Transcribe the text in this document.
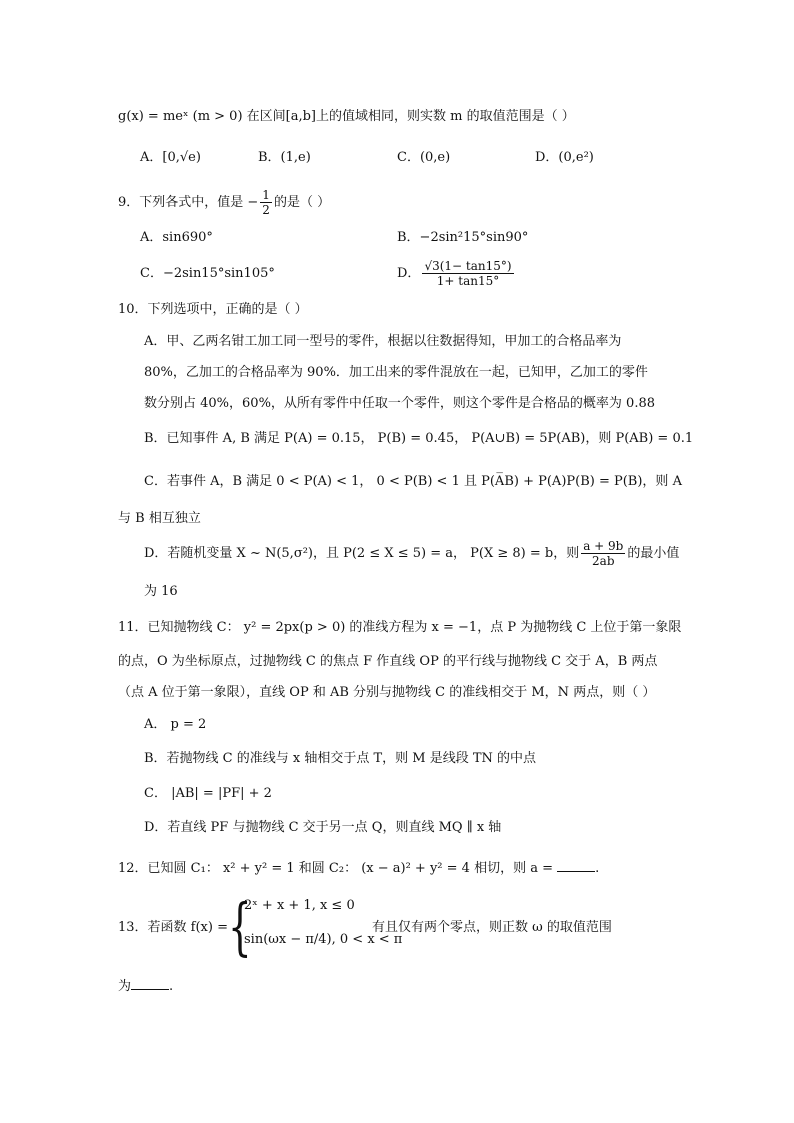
g(x) = meˣ (m > 0) 在区间[a,b]上的值域相同，则实数 m 的取值范围是（ ）
A．[0,√e)	B．(1,e)	C．(0,e)	D．(0,e²)
9．下列各式中，值是 − $\frac{1}{2}$ 的是（ ）
A．sin690°	B．−2sin²15°sin90°
C．−2sin15°sin105°	D． $\frac{√3(1- \tan 15^\circ)}{1+ \tan 15^\circ}$
10．下列选项中，正确的是（ ）
A．甲、乙两名钳工加工同一型号的零件，根据以往数据得知，甲加工的合格品率为
80%，乙加工的合格品率为 90%．加工出来的零件混放在一起，已知甲，乙加工的零件
数分别占 40%，60%，从所有零件中任取一个零件，则这个零件是合格品的概率为 0.88
B．已知事件 A, B 满足 P(A) = 0.15， P(B) = 0.45， P(A∪B) = 5P(AB)，则 P(AB) = 0.1
C．若事件 A，B 满足 0 < P(A) < 1， 0 < P(B) < 1 且 P(A̅B) + P(A)P(B) = P(B)，则 A
与 B 相互独立
D．若随机变量 X ~ N(5,σ²)，且 P(2 ≤ X ≤ 5) = a， P(X ≥ 8) = b，则 $\frac{a + 9b}{2ab}$ 的最小值
为 16
11．已知抛物线 C： y² = 2px(p > 0) 的准线方程为 x = −1，点 P 为抛物线 C 上位于第一象限
的点，O 为坐标原点，过抛物线 C 的焦点 F 作直线 OP 的平行线与抛物线 C 交于 A，B 两点
（点 A 位于第一象限），直线 OP 和 AB 分别与抛物线 C 的准线相交于 M，N 两点，则（ ）
A． p = 2
B．若抛物线 C 的准线与 x 轴相交于点 T，则 M 是线段 TN 的中点
C． |AB| = |PF| + 2
D．若直线 PF 与抛物线 C 交于另一点 Q，则直线 MQ ∥ x 轴
12．已知圆 C₁： x² + y² = 1 和圆 C₂： (x − a)² + y² = 4 相切，则 a =	.
13．若函数 f(x) = {
2ˣ + x + 1, x ≤ 0
sin(ωx − π/4), 0 < x < π
有且仅有两个零点，则正数 ω 的取值范围
为	.
